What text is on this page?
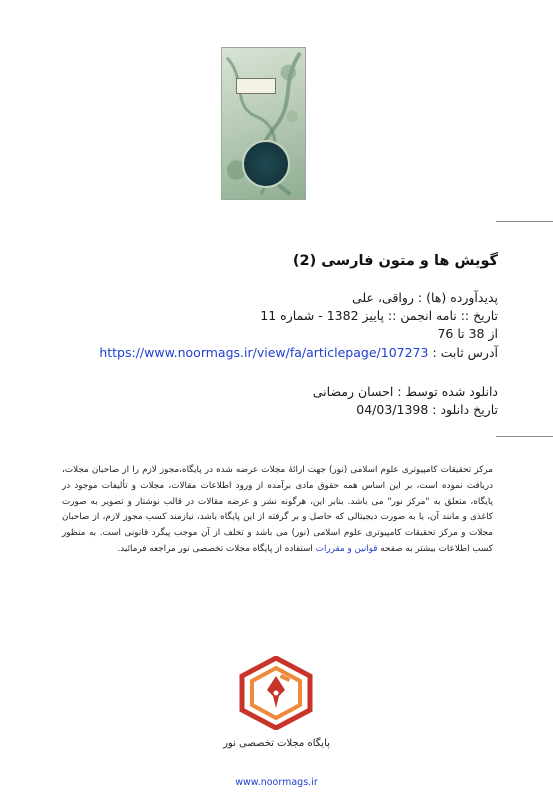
گویش ها و متون فارسی (2)
پدیدآورده (ها) : رواقی، علی
تاریخ :: نامه انجمن :: پاییز 1382 - شماره 11
از 38 تا 76
آدرس ثابت : https://www.noormags.ir/view/fa/articlepage/107273
دانلود شده توسط : احسان رمضانی
تاریخ دانلود : 04/03/1398
مرکز تحقیقات کامپیوتری علوم اسلامی (نور) جهت ارائۀ مجلات عرضه شده در پایگاه،مجوز لازم را از صاحبان مجلات، دریافت نموده است، بر این اساس همه حقوق مادی برآمده از ورود اطلاعات مقالات، مجلات و تألیفات موجود در پایگاه، متعلق به "مرکز نور" می باشد. بنابر این، هرگونه نشر و عرضه مقالات در قالب نوشتار و تصویر به صورت کاغذی و مانند آن، یا به صورت دیجیتالی که حاصل و بر گرفته از این پایگاه باشد، نیازمند کسب مجوز لازم، از صاحبان مجلات و مرکز تحقیقات کامپیوتری علوم اسلامی (نور) می باشد و تخلف از آن موجب پیگرد قانونی است. به منظور کسب اطلاعات بیشتر به صفحه قوانین و مقررات استفاده از پایگاه مجلات تخصصی نور مراجعه فرمائید.
پایگاه مجلات تخصصی نور
www.noormags.ir
